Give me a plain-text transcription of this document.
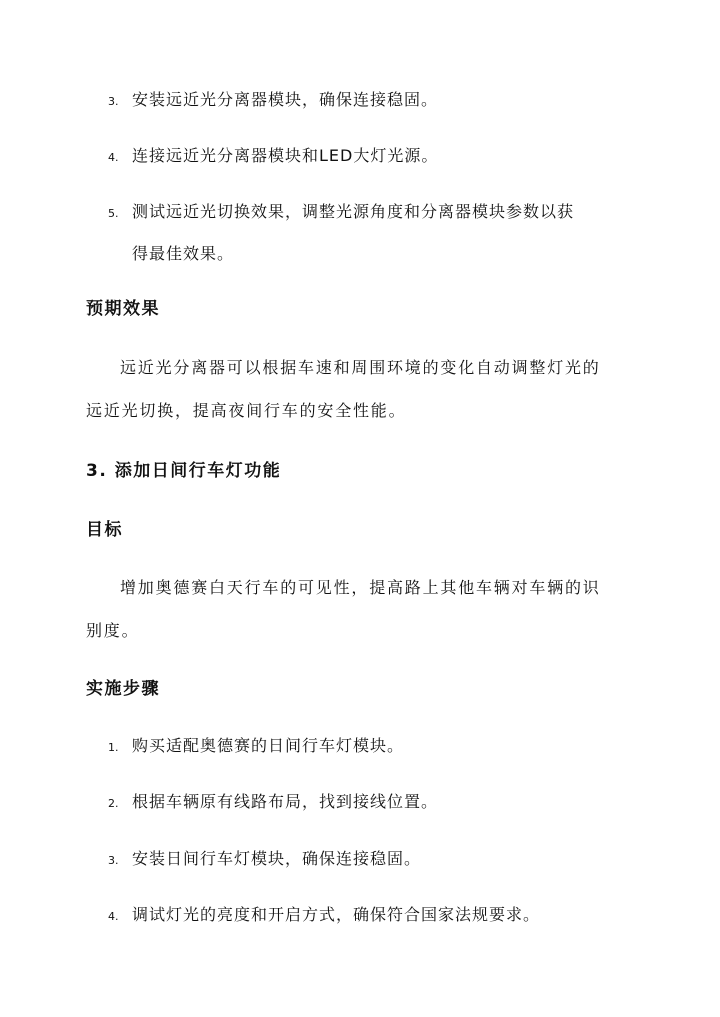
3. 安装远近光分离器模块，确保连接稳固。
4. 连接远近光分离器模块和LED大灯光源。
5. 测试远近光切换效果，调整光源角度和分离器模块参数以获
得最佳效果。
预期效果
远近光分离器可以根据车速和周围环境的变化自动调整灯光的
远近光切换，提高夜间行车的安全性能。
3. 添加日间行车灯功能
目标
增加奥德赛白天行车的可见性，提高路上其他车辆对车辆的识
别度。
实施步骤
1. 购买适配奥德赛的日间行车灯模块。
2. 根据车辆原有线路布局，找到接线位置。
3. 安装日间行车灯模块，确保连接稳固。
4. 调试灯光的亮度和开启方式，确保符合国家法规要求。
